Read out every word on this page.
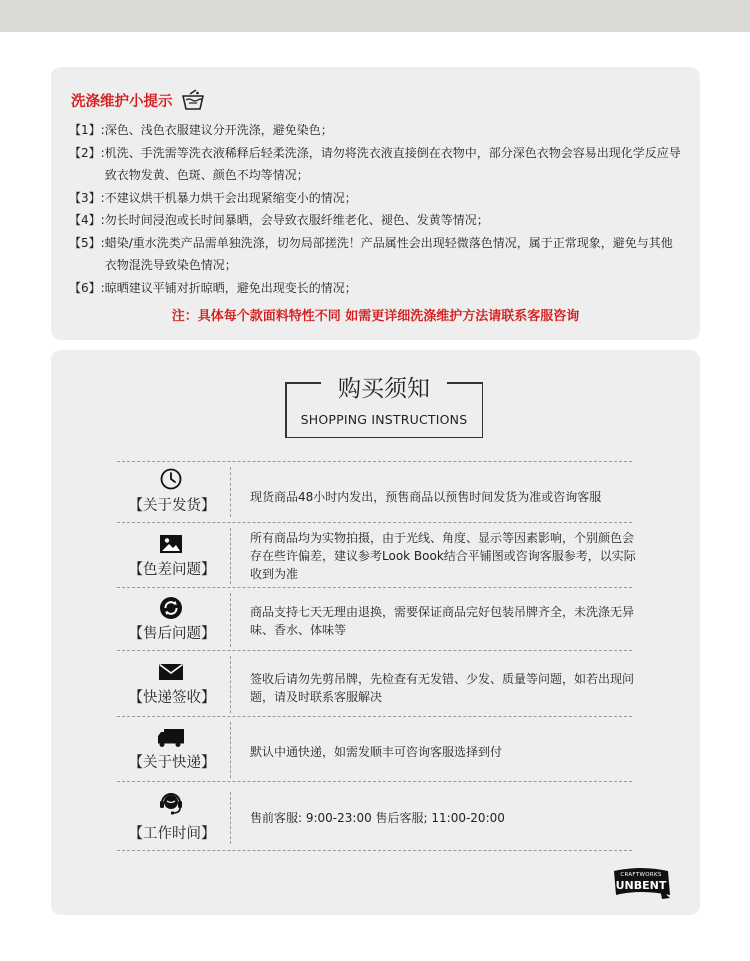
洗涤维护小提示
【1】: 深色、浅色衣服建议分开洗涤，避免染色；
【2】: 机洗、手洗需等洗衣液稀释后轻柔洗涤，请勿将洗衣液直接倒在衣物中，部分深色衣物会容易出现化学反应导致衣物发黄、色斑、颜色不均等情况；
【3】: 不建议烘干机暴力烘干会出现紧缩变小的情况；
【4】: 勿长时间浸泡或长时间暴晒，会导致衣服纤维老化、褪色、发黄等情况；
【5】: 蜡染/重水洗类产品需单独洗涤，切勿局部搓洗！产品属性会出现轻微落色情况，属于正常现象，避免与其他衣物混洗导致染色情况；
【6】: 晾晒建议平铺对折晾晒，避免出现变长的情况；
注：具体每个款面料特性不同 如需更详细洗涤维护方法请联系客服咨询
购买须知
SHOPPING INSTRUCTIONS
【关于发货】
现货商品48小时内发出，预售商品以预售时间发货为准或咨询客服
【色差问题】
所有商品均为实物拍摄，由于光线、角度、显示等因素影响，个别颜色会存在些许偏差，建议参考Look Book结合平铺图或咨询客服参考，以实际收到为准
【售后问题】
商品支持七天无理由退换，需要保证商品完好包装吊牌齐全，未洗涤无异味、香水、体味等
【快递签收】
签收后请勿先剪吊牌，先检查有无发错、少发、质量等问题，如若出现问题，请及时联系客服解决
【关于快递】
默认中通快递，如需发顺丰可咨询客服选择到付
【工作时间】
售前客服: 9:00-23:00 售后客服; 11:00-20:00
CRAFTWORKS
UNBENT
